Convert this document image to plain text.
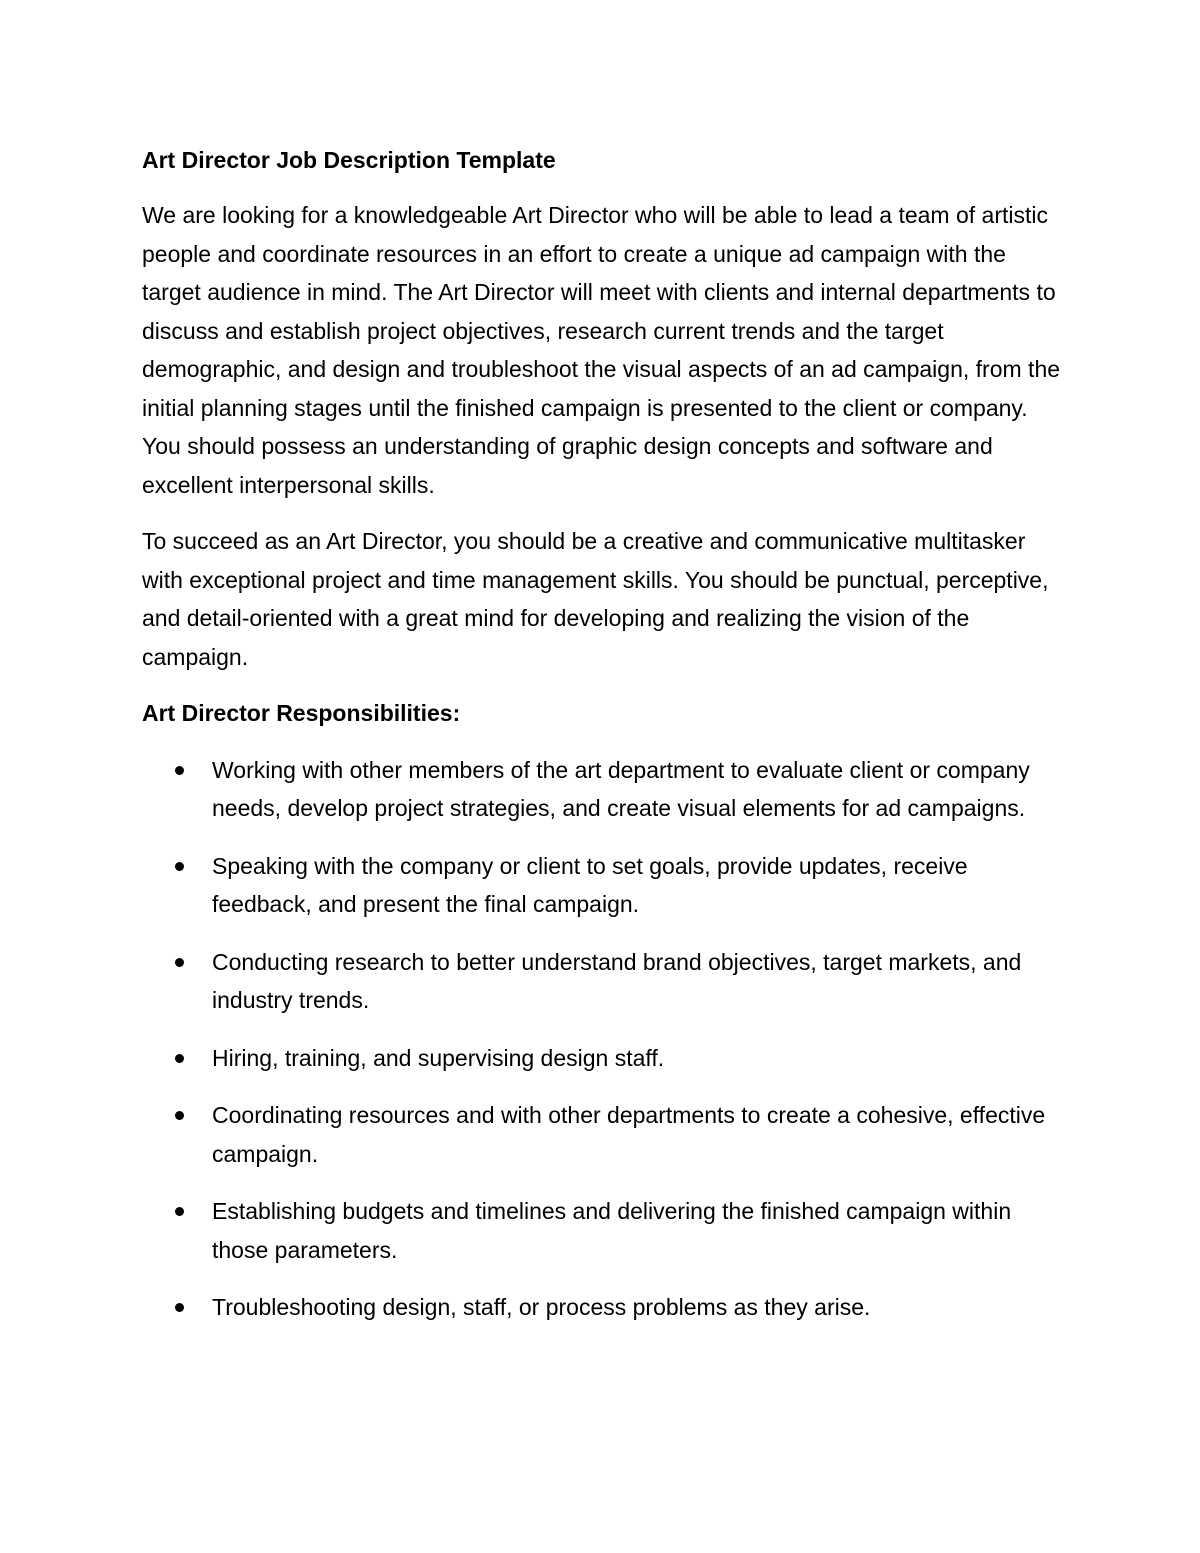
Art Director Job Description Template

We are looking for a knowledgeable Art Director who will be able to lead a team of artistic people and coordinate resources in an effort to create a unique ad campaign with the target audience in mind. The Art Director will meet with clients and internal departments to discuss and establish project objectives, research current trends and the target demographic, and design and troubleshoot the visual aspects of an ad campaign, from the initial planning stages until the finished campaign is presented to the client or company. You should possess an understanding of graphic design concepts and software and excellent interpersonal skills.

To succeed as an Art Director, you should be a creative and communicative multitasker with exceptional project and time management skills. You should be punctual, perceptive, and detail-oriented with a great mind for developing and realizing the vision of the campaign.

Art Director Responsibilities:
Working with other members of the art department to evaluate client or company needs, develop project strategies, and create visual elements for ad campaigns.
Speaking with the company or client to set goals, provide updates, receive feedback, and present the final campaign.
Conducting research to better understand brand objectives, target markets, and industry trends.
Hiring, training, and supervising design staff.
Coordinating resources and with other departments to create a cohesive, effective campaign.
Establishing budgets and timelines and delivering the finished campaign within those parameters.
Troubleshooting design, staff, or process problems as they arise.
